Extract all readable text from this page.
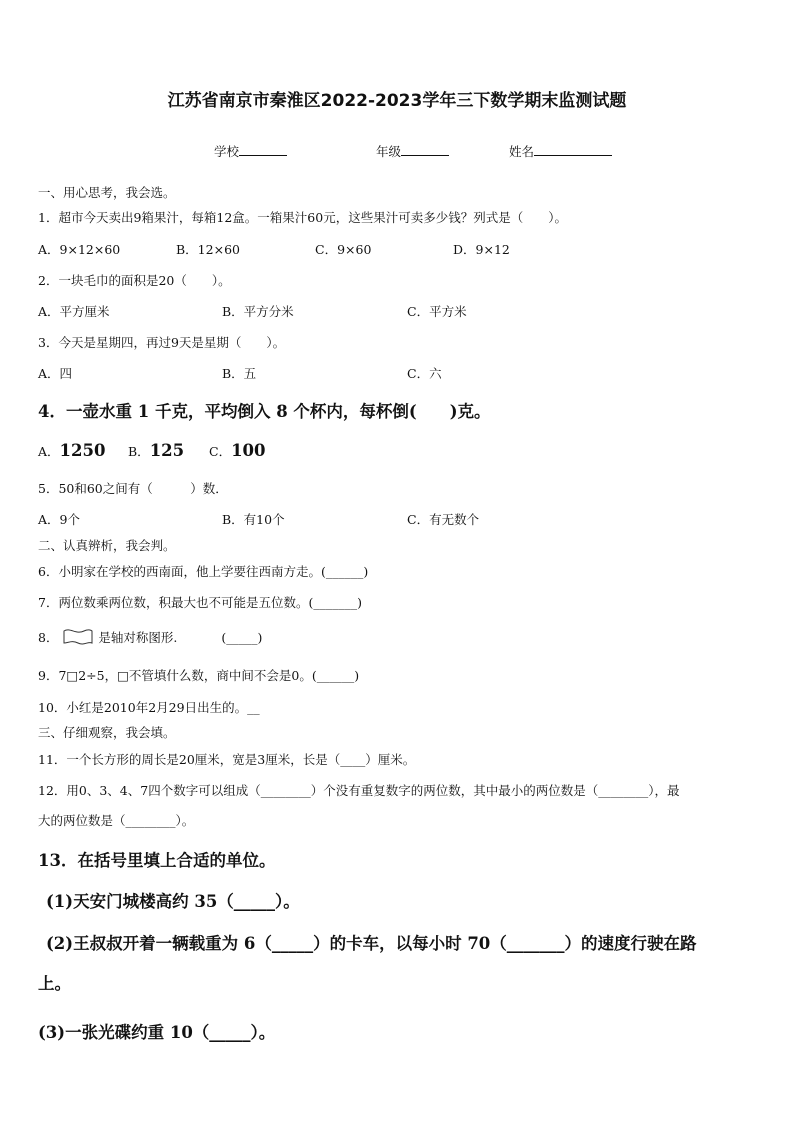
江苏省南京市秦淮区2022-2023学年三下数学期末监测试题
学校	年级	姓名
一、用心思考，我会选。
1．超市今天卖出9箱果汁，每箱12盒。一箱果汁60元，这些果汁可卖多少钱？列式是（　　）。
A．9×12×60	B．12×60	C．9×60	D．9×12
2．一块毛巾的面积是20（　　）。
A．平方厘米	B．平方分米	C．平方米
3．今天是星期四，再过9天是星期（　　）。
A．四	B．五	C．六
4．一壶水重 1 千克，平均倒入 8 个杯内，每杯倒(　　)克。
A．1250 B．125 C．100
5．50和60之间有（　　　）数．
A．9个	B．有10个	C．有无数个
二、认真辨析，我会判。
6．小明家在学校的西南面，他上学要往西南方走。(______)
7．两位数乘两位数，积最大也不可能是五位数。(_______)
8．	是轴对称图形.	(_____)
9．7□2÷5，□不管填什么数，商中间不会是0。(______)
10．小红是2010年2月29日出生的。__
三、仔细观察，我会填。
11．一个长方形的周长是20厘米，宽是3厘米，长是（____）厘米。
12．用0、3、4、7四个数字可以组成（________）个没有重复数字的两位数，其中最小的两位数是（________），最
大的两位数是（________）。
13．在括号里填上合适的单位。
(1)天安门城楼高约 35（_____）。
(2)王叔叔开着一辆载重为 6（_____）的卡车，以每小时 70（_______）的速度行驶在路
上。
(3)一张光碟约重 10（_____）。
